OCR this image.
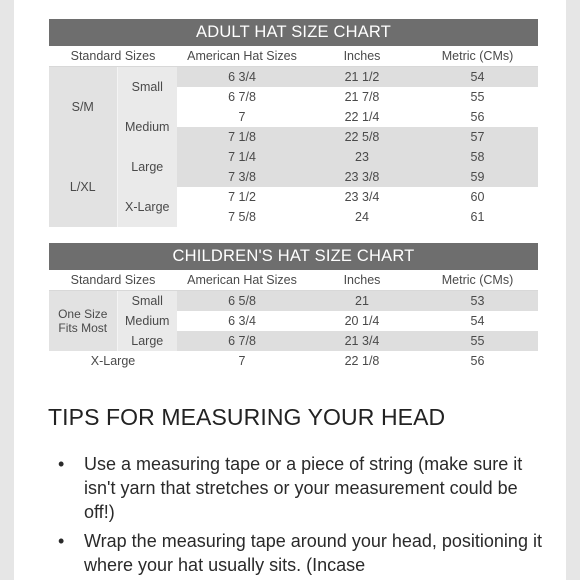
ADULT HAT SIZE CHART				
Standard Sizes		American Hat Sizes	Inches	Metric (CMs)
S/M	Small	6 3/4	21 1/2	54
		6 7/8	21 7/8	55
	Medium	7	22 1/4	56
		7 1/8	22 5/8	57
L/XL	Large	7 1/4	23	58
		7 3/8	23 3/8	59
	X-Large	7 1/2	23 3/4	60
		7 5/8	24	61
CHILDREN'S HAT SIZE CHART				
Standard Sizes		American Hat Sizes	Inches	Metric (CMs)
One Size
Fits Most	Small	6 5/8	21	53
	Medium	6 3/4	20 1/4	54
	Large	6 7/8	21 3/4	55
X-Large		7	22 1/8	56
TIPS FOR MEASURING YOUR HEAD
• Use a measuring tape or a piece of string (make sure it isn't yarn that stretches or your measurement could be off!)
• Wrap the measuring tape around your head, positioning it where your hat usually sits. (Incase
